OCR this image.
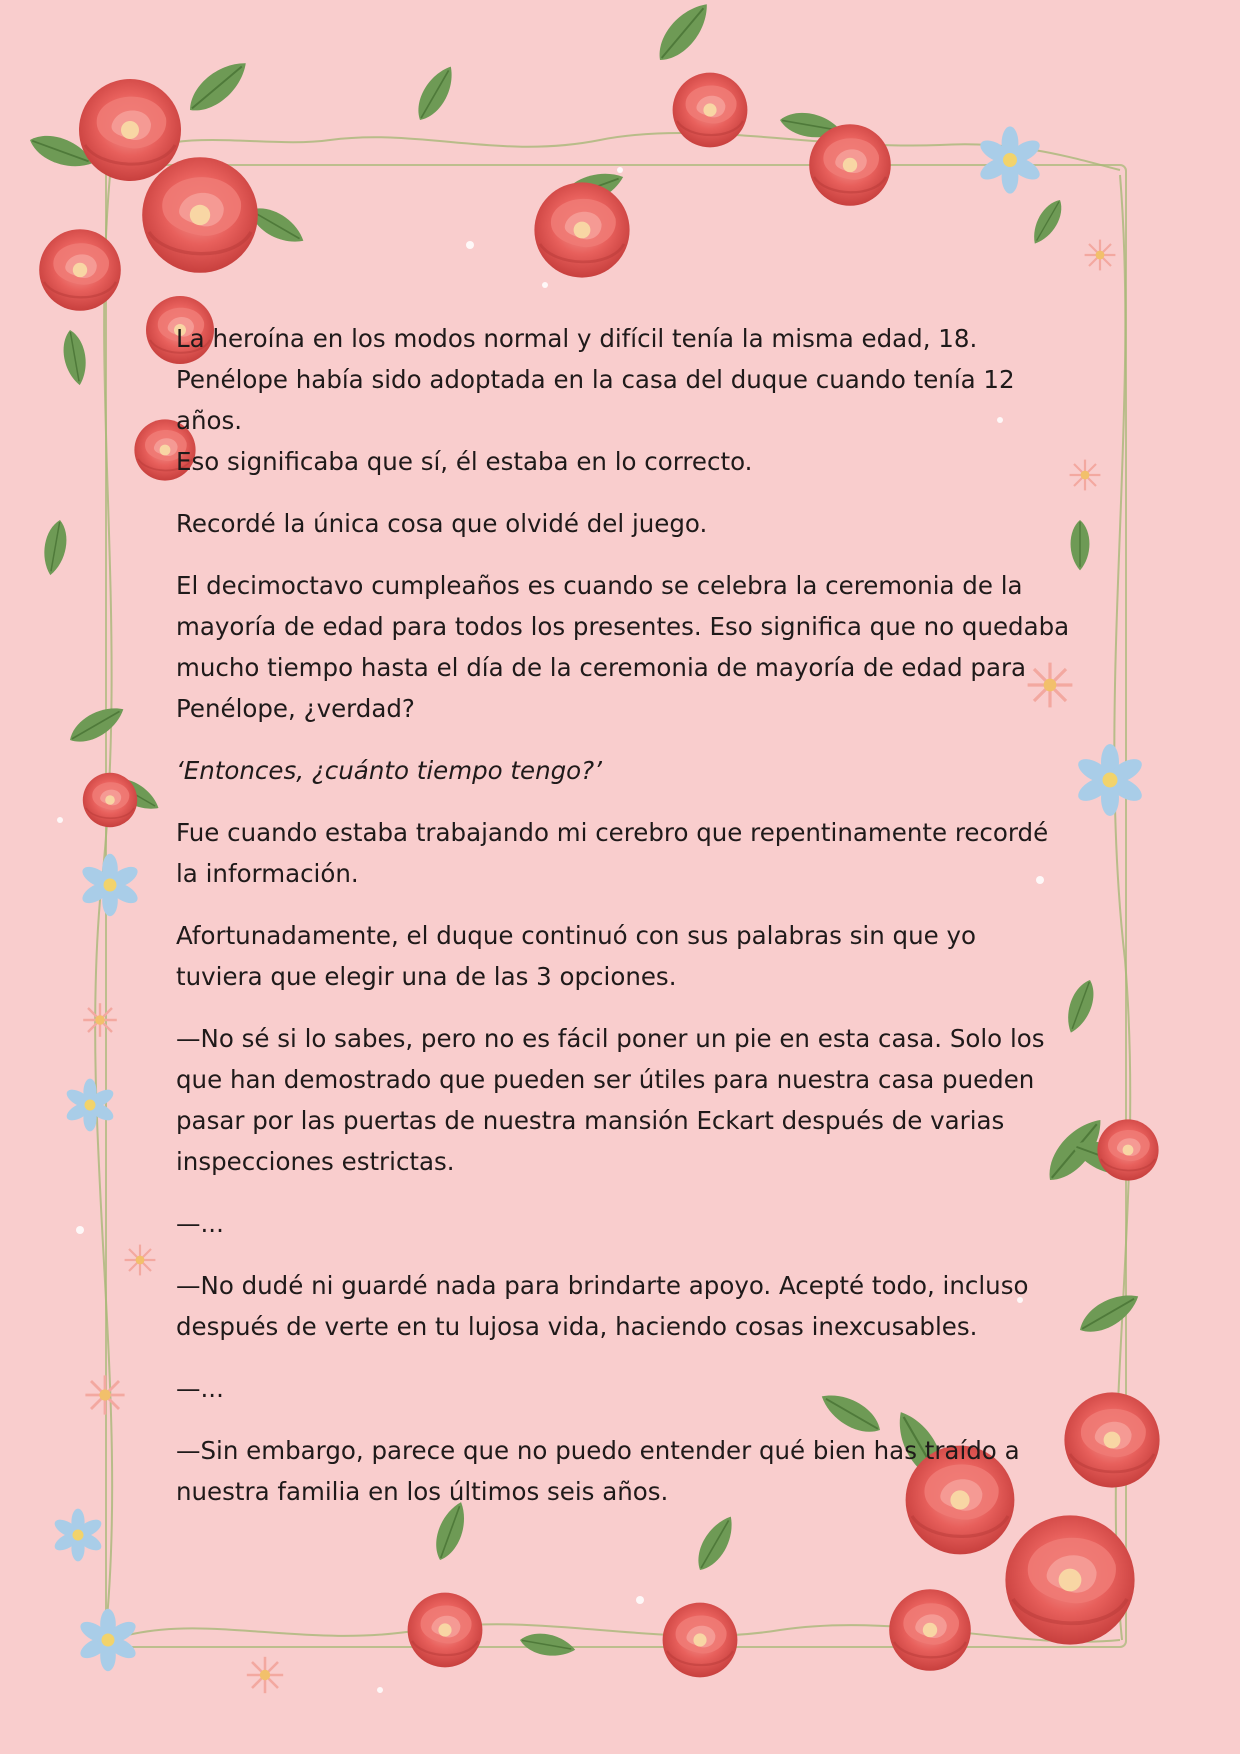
La heroína en los modos normal y difícil tenía la misma edad, 18.
Penélope había sido adoptada en la casa del duque cuando tenía 12 años.
Eso significaba que sí, él estaba en lo correcto.

Recordé la única cosa que olvidé del juego.

El decimoctavo cumpleaños es cuando se celebra la ceremonia de la
mayoría de edad para todos los presentes. Eso significa que no quedaba
mucho tiempo hasta el día de la ceremonia de mayoría de edad para
Penélope, ¿verdad?

‘Entonces, ¿cuánto tiempo tengo?’

Fue cuando estaba trabajando mi cerebro que repentinamente recordé
la información.

Afortunadamente, el duque continuó con sus palabras sin que yo
tuviera que elegir una de las 3 opciones.

—No sé si lo sabes, pero no es fácil poner un pie en esta casa. Solo los
que han demostrado que pueden ser útiles para nuestra casa pueden
pasar por las puertas de nuestra mansión Eckart después de varias
inspecciones estrictas.

—...

—No dudé ni guardé nada para brindarte apoyo. Acepté todo, incluso
después de verte en tu lujosa vida, haciendo cosas inexcusables.

—...

—Sin embargo, parece que no puedo entender qué bien has traído a
nuestra familia en los últimos seis años.
